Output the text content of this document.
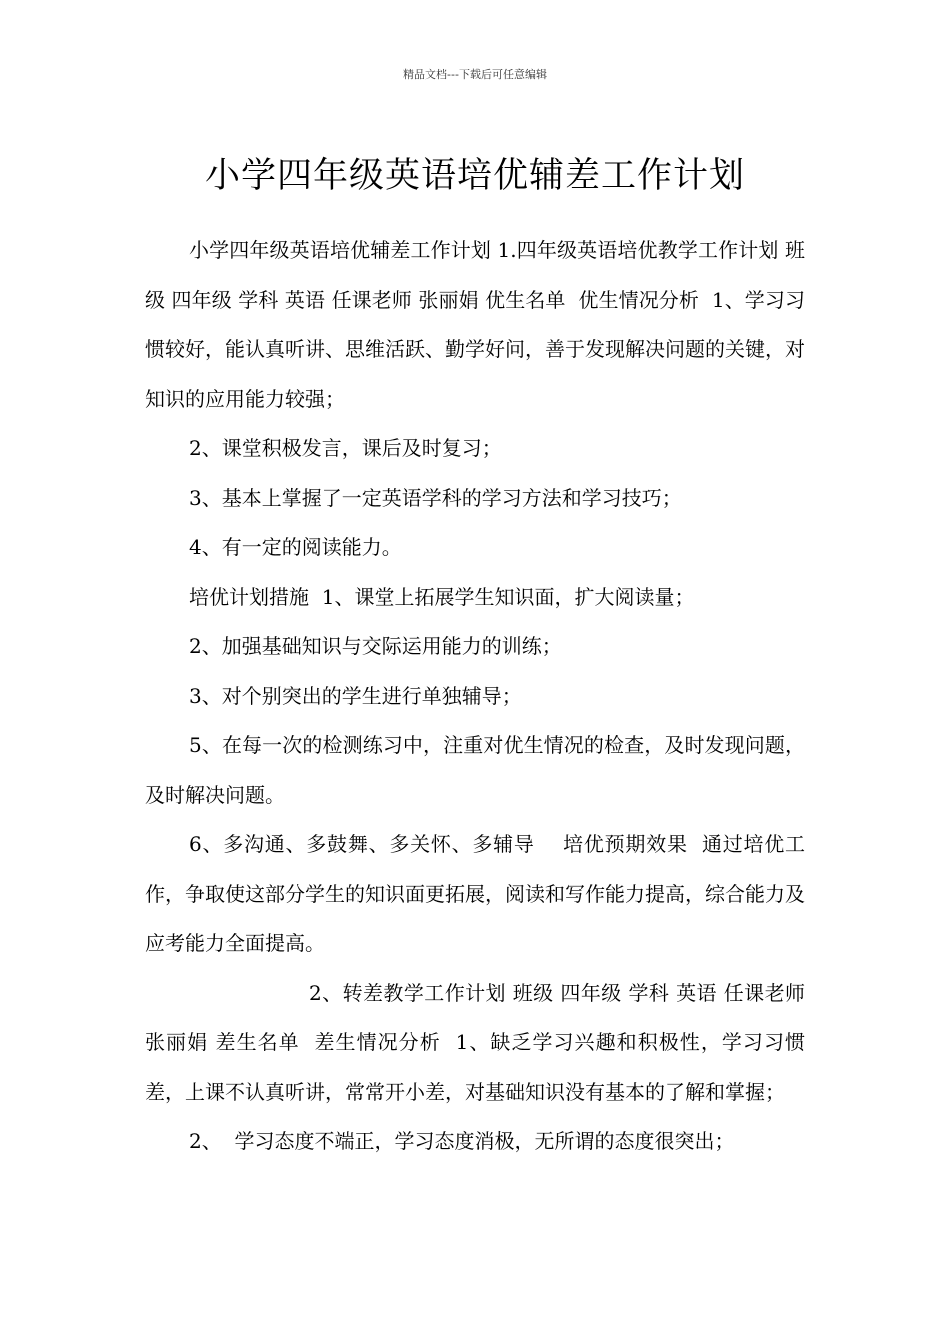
精品文档---下载后可任意编辑
小学四年级英语培优辅差工作计划

小学四年级英语培优辅差工作计划 1.四年级英语培优教学工作计划 班级 四年级 学科 英语 任课老师 张丽娟 优生名单  优生情况分析  1、学习习惯较好，能认真听讲、思维活跃、勤学好问，善于发现解决问题的关键，对知识的应用能力较强；

2、课堂积极发言，课后及时复习；

3、基本上掌握了一定英语学科的学习方法和学习技巧；

4、有一定的阅读能力。

培优计划措施  1、课堂上拓展学生知识面，扩大阅读量；

2、加强基础知识与交际运用能力的训练；

3、对个别突出的学生进行单独辅导；

5、在每一次的检测练习中，注重对优生情况的检查，及时发现问题，及时解决问题。

6、多沟通、多鼓舞、多关怀、多辅导    培优预期效果  通过培优工作，争取使这部分学生的知识面更拓展，阅读和写作能力提高，综合能力及应考能力全面提高。

2、转差教学工作计划 班级 四年级 学科 英语 任课老师 张丽娟 差生名单  差生情况分析  1、缺乏学习兴趣和积极性，学习习惯差，上课不认真听讲，常常开小差，对基础知识没有基本的了解和掌握；

2、  学习态度不端正，学习态度消极，无所谓的态度很突出；
